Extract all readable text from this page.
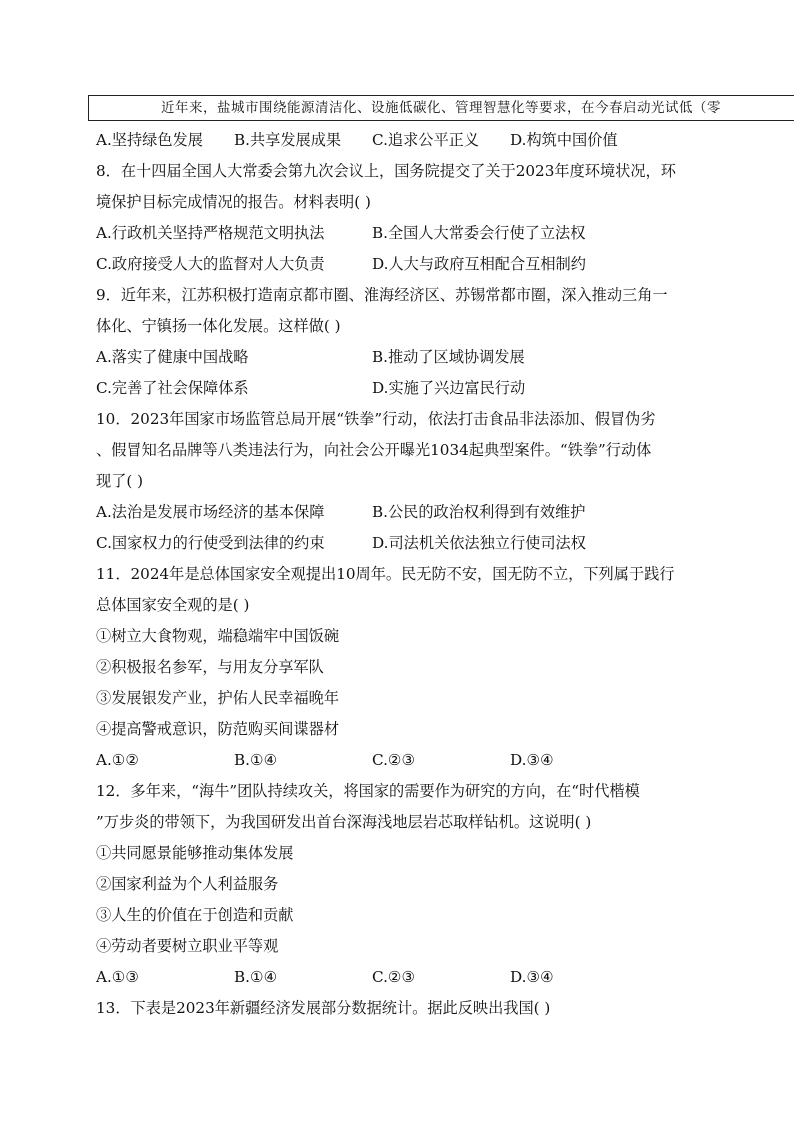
近年来，盐城市围绕能源清洁化、设施低碳化、管理智慧化等要求，在今春启动光试低（零
A.坚持绿色发展 B.共享发展成果 C.追求公平正义 D.构筑中国价值
8．在十四届全国人大常委会第九次会议上，国务院提交了关于2023年度环境状况，环
境保护目标完成情况的报告。材料表明( )
A.行政机关坚持严格规范文明执法	B.全国人大常委会行使了立法权
C.政府接受人大的监督对人大负责	D.人大与政府互相配合互相制约
9．近年来，江苏积极打造南京都市圈、淮海经济区、苏锡常都市圈，深入推动三角一
体化、宁镇扬一体化发展。这样做( )
A.落实了健康中国战略	B.推动了区域协调发展
C.完善了社会保障体系	D.实施了兴边富民行动
10．2023年国家市场监管总局开展“铁拳”行动，依法打击食品非法添加、假冒伪劣
、假冒知名品牌等八类违法行为，向社会公开曝光1034起典型案件。“铁拳”行动体
现了( )
A.法治是发展市场经济的基本保障	B.公民的政治权利得到有效维护
C.国家权力的行使受到法律的约束	D.司法机关依法独立行使司法权
11．2024年是总体国家安全观提出10周年。民无防不安，国无防不立，下列属于践行
总体国家安全观的是( )
①树立大食物观，端稳端牢中国饭碗
②积极报名参军，与用友分享军队
③发展银发产业，护佑人民幸福晚年
④提高警戒意识，防范购买间谍器材
A.①②	B.①④	C.②③	D.③④
12．多年来，“海牛”团队持续攻关，将国家的需要作为研究的方向，在“时代楷模
”万步炎的带领下，为我国研发出首台深海浅地层岩芯取样钻机。这说明( )
①共同愿景能够推动集体发展
②国家利益为个人利益服务
③人生的价值在于创造和贡献
④劳动者要树立职业平等观
A.①③	B.①④	C.②③	D.③④
13．下表是2023年新疆经济发展部分数据统计。据此反映出我国( )
